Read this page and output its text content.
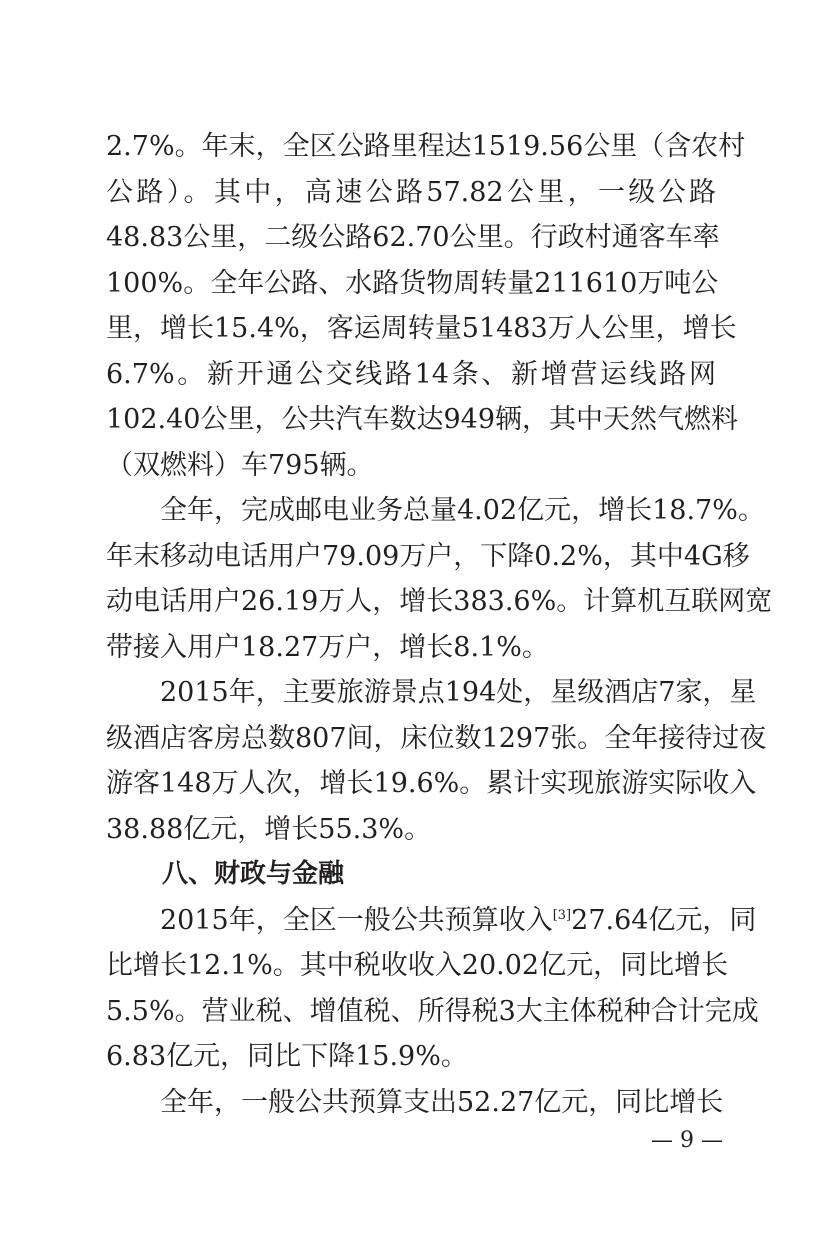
2.7%。年末，全区公路里程达1519.56公里（含农村
公路）。其中，高速公路57.82公里，一级公路
48.83公里，二级公路62.70公里。行政村通客车率
100%。全年公路、水路货物周转量211610万吨公
里，增长15.4%，客运周转量51483万人公里，增长
6.7%。新开通公交线路14条、新增营运线路网
102.40公里，公共汽车数达949辆，其中天然气燃料
（双燃料）车795辆。
全年，完成邮电业务总量4.02亿元，增长18.7%。
年末移动电话用户79.09万户，下降0.2%，其中4G移
动电话用户26.19万人，增长383.6%。计算机互联网宽
带接入用户18.27万户，增长8.1%。
2015年，主要旅游景点194处，星级酒店7家，星
级酒店客房总数807间，床位数1297张。全年接待过夜
游客148万人次，增长19.6%。累计实现旅游实际收入
38.88亿元，增长55.3%。
八、财政与金融
2015年，全区一般公共预算收入[3]27.64亿元，同
比增长12.1%。其中税收收入20.02亿元，同比增长
5.5%。营业税、增值税、所得税3大主体税种合计完成
6.83亿元，同比下降15.9%。
全年，一般公共预算支出52.27亿元，同比增长
— 9 —
